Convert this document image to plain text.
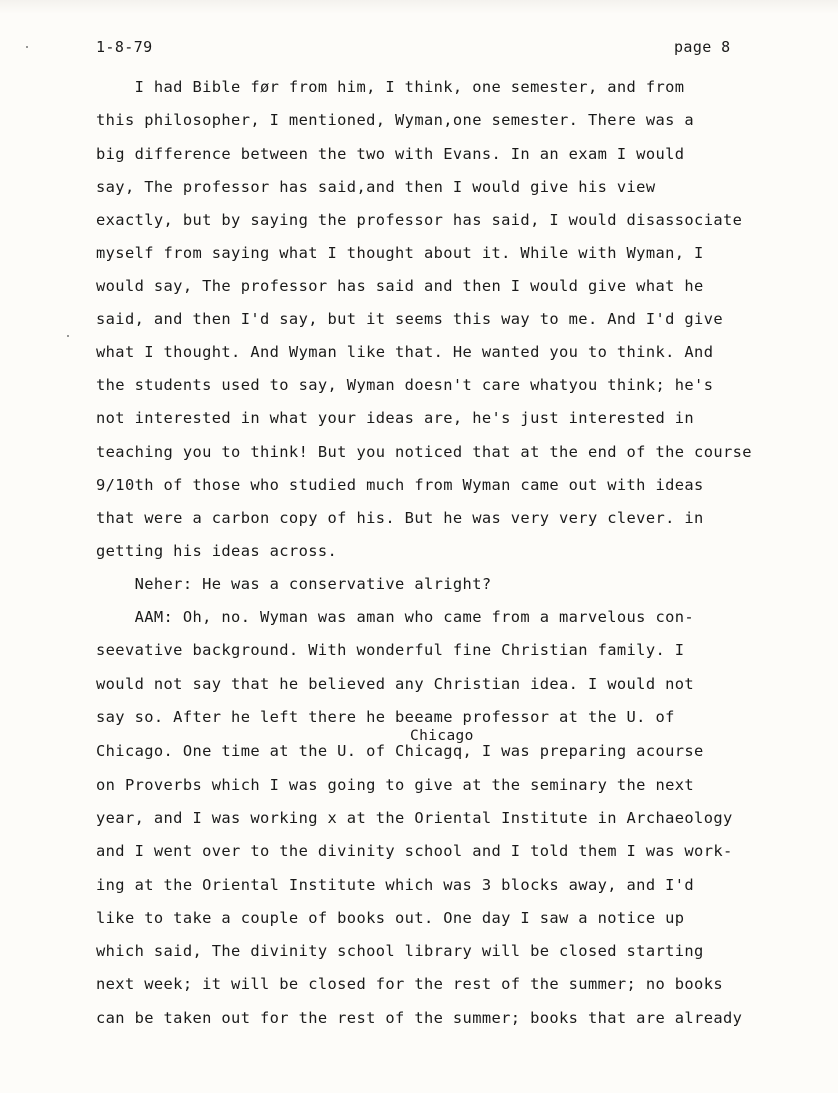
1-8-79	page 8
I had Bible før from him, I think, one semester, and from
this philosopher, I mentioned, Wyman,one semester. There was a
big difference between the two with Evans. In an exam I would
say, The professor has said,and then I would give his view
exactly, but by saying the professor has said, I would disassociate
myself from saying what I thought about it. While with Wyman, I
would say, The professor has said and then I would give what he
said, and then I'd say, but it seems this way to me. And I'd give
what I thought. And Wyman like that. He wanted you to think. And
the students used to say, Wyman doesn't care whatyou think; he's
not interested in what your ideas are, he's just interested in
teaching you to think! But you noticed that at the end of the course
9/10th of those who studied much from Wyman came out with ideas
that were a carbon copy of his. But he was very very clever. in
getting his ideas across.
Neher: He was a conservative alright?
AAM: Oh, no. Wyman was aman who came from a marvelous con-
seevative background. With wonderful fine Christian family. I
would not say that he believed any Christian idea. I would not
say so. After he left there he beeame professor at the U. of
Chicago
Chicago. One time at the U. of Chicagq, I was preparing acourse
on Proverbs which I was going to give at the seminary the next
year, and I was working x at the Oriental Institute in Archaeology
and I went over to the divinity school and I told them I was work-
ing at the Oriental Institute which was 3 blocks away, and I'd
like to take a couple of books out. One day I saw a notice up
which said, The divinity school library will be closed starting
next week; it will be closed for the rest of the summer; no books
can be taken out for the rest of the summer; books that are already
